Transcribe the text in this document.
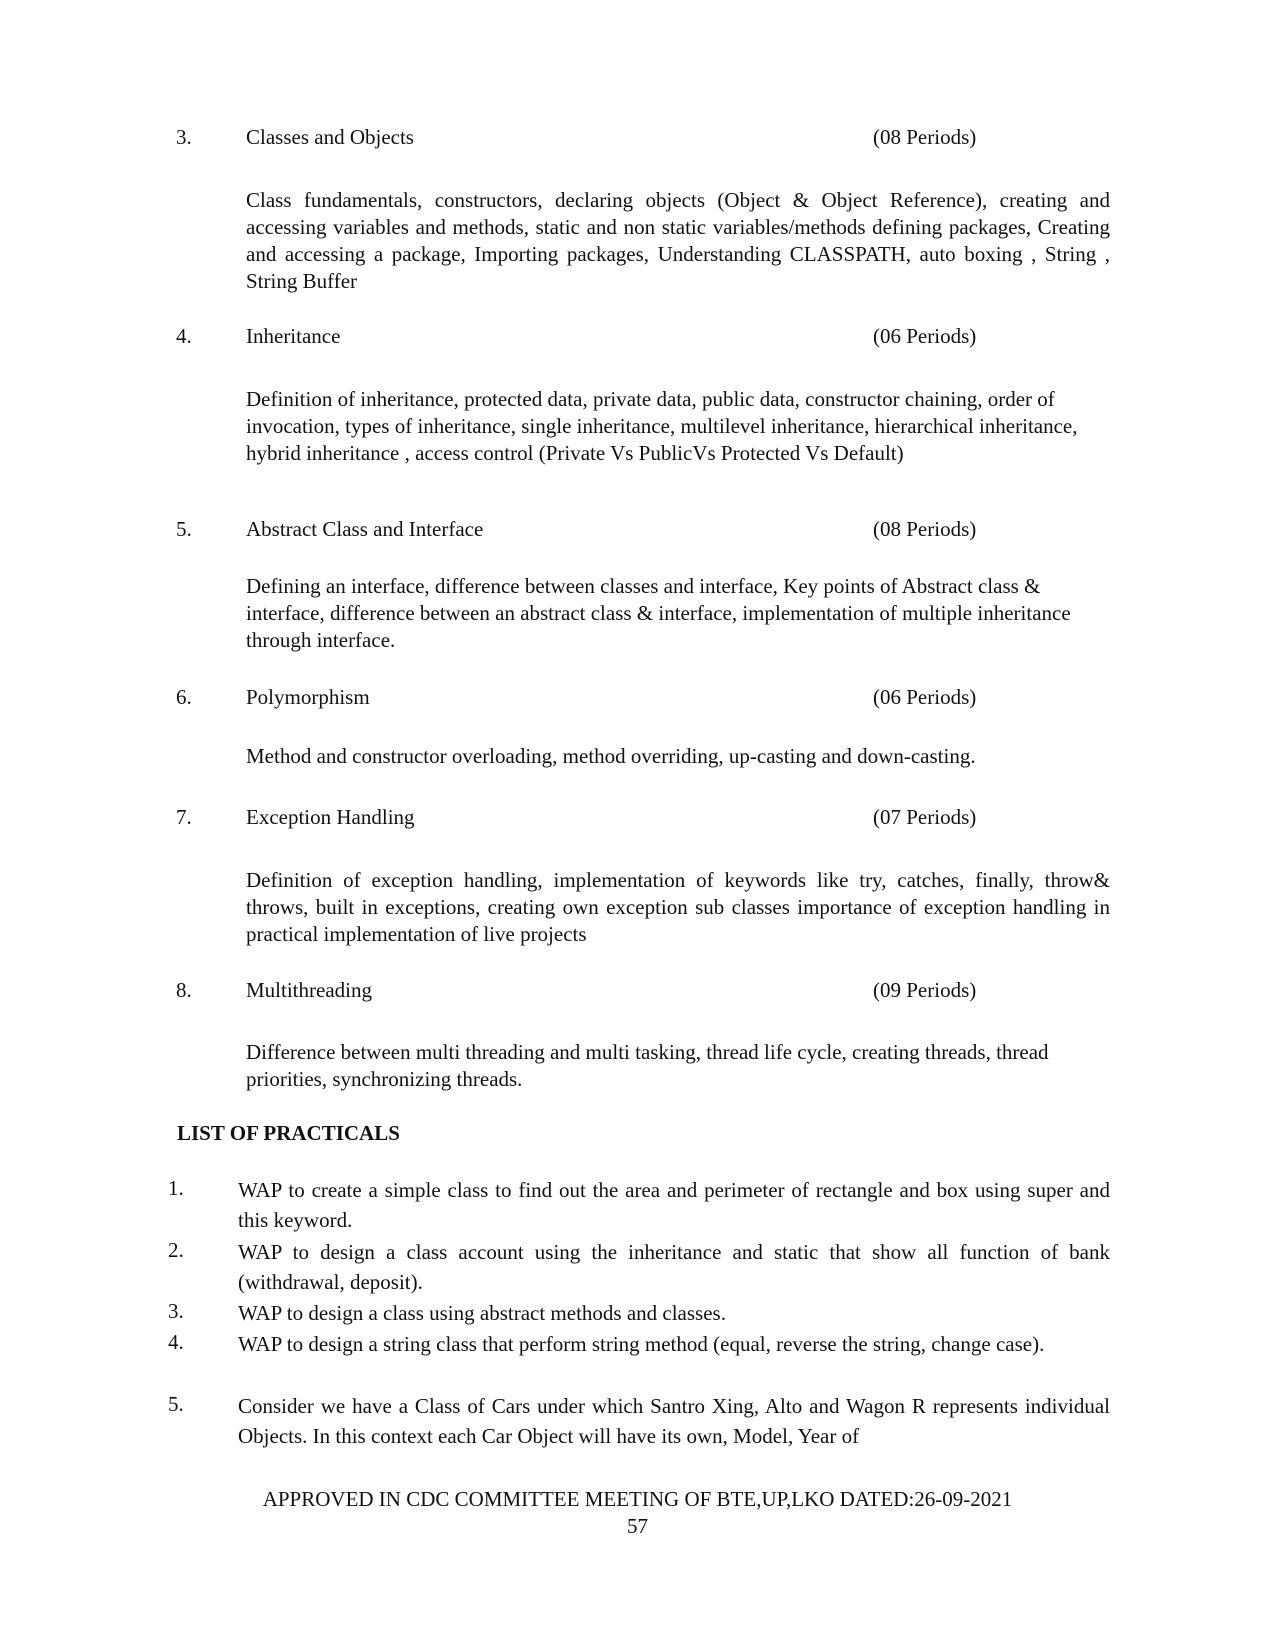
3.	Classes and Objects	(08 Periods)
Class fundamentals, constructors, declaring objects (Object & Object Reference), creating and accessing variables and methods, static and non static variables/methods defining packages, Creating and accessing a package, Importing packages, Understanding CLASSPATH, auto boxing , String , String Buffer
4.	Inheritance	(06 Periods)
Definition of inheritance, protected data, private data, public data, constructor chaining, order of invocation, types of inheritance, single inheritance, multilevel inheritance, hierarchical inheritance, hybrid inheritance , access control (Private Vs PublicVs Protected Vs Default)
5.	Abstract Class and Interface	(08 Periods)
Defining an interface, difference between classes and interface, Key points of Abstract class & interface, difference between an abstract class & interface, implementation of multiple inheritance through interface.
6.	Polymorphism	(06 Periods)
Method and constructor overloading, method overriding, up-casting and down-casting.
7.	Exception Handling	(07 Periods)
Definition of exception handling, implementation of keywords like try, catches, finally, throw& throws, built in exceptions, creating own exception sub classes importance of exception handling in practical implementation of live projects
8.	Multithreading	(09 Periods)
Difference between multi threading and multi tasking, thread life cycle, creating threads, thread priorities, synchronizing threads.
LIST OF PRACTICALS
1.	WAP to create a simple class to find out the area and perimeter of rectangle and box using super and this keyword.
2.	WAP to design a class account using the inheritance and static that show all function of bank (withdrawal, deposit).
3.	WAP to design a class using abstract methods and classes.
4.	WAP to design a string class that perform string method (equal, reverse the string, change case).
5.	Consider we have a Class of Cars under which Santro Xing, Alto and Wagon R represents individual Objects. In this context each Car Object will have its own, Model, Year of
APPROVED IN CDC COMMITTEE MEETING OF BTE,UP,LKO DATED:26-09-2021
57
